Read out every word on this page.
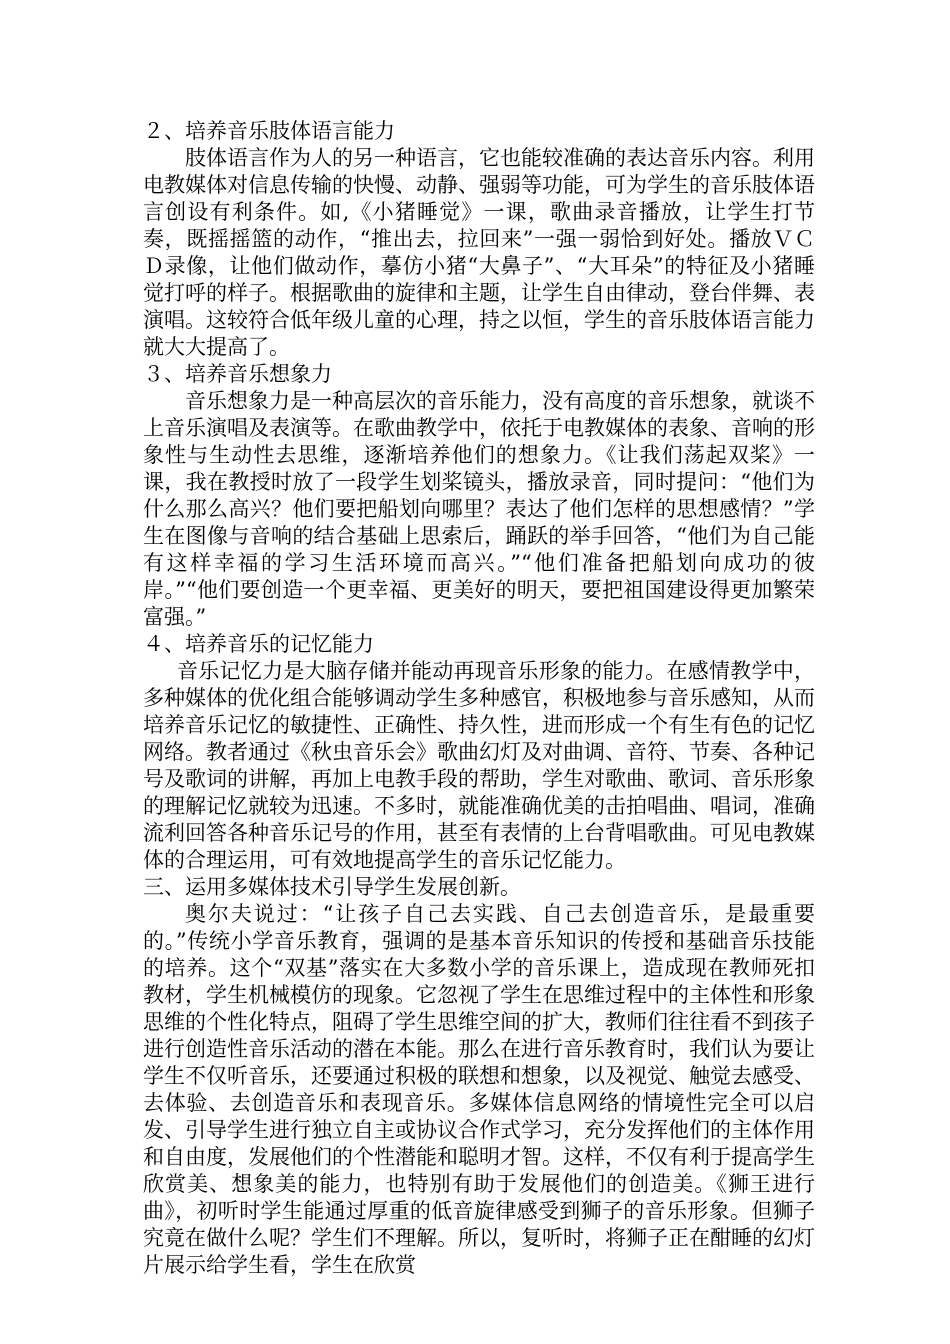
２、培养音乐肢体语言能力

肢体语言作为人的另一种语言，它也能较准确的表达音乐内容。利用电教媒体对信息传输的快慢、动静、强弱等功能，可为学生的音乐肢体语言创设有利条件。如,《小猪睡觉》一课，歌曲录音播放，让学生打节奏，既摇摇篮的动作，“推出去，拉回来”一强一弱恰到好处。播放ＶＣＤ录像，让他们做动作，摹仿小猪“大鼻子”、“大耳朵”的特征及小猪睡觉打呼的样子。根据歌曲的旋律和主题，让学生自由律动，登台伴舞、表演唱。这较符合低年级儿童的心理，持之以恒，学生的音乐肢体语言能力就大大提高了。

３、培养音乐想象力

音乐想象力是一种高层次的音乐能力，没有高度的音乐想象，就谈不上音乐演唱及表演等。在歌曲教学中，依托于电教媒体的表象、音响的形象性与生动性去思维，逐渐培养他们的想象力。《让我们荡起双桨》一课，我在教授时放了一段学生划桨镜头，播放录音，同时提问：“他们为什么那么高兴？他们要把船划向哪里？表达了他们怎样的思想感情？”学生在图像与音响的结合基础上思索后，踊跃的举手回答，“他们为自己能有这样幸福的学习生活环境而高兴。”“他们准备把船划向成功的彼岸。”“他们要创造一个更幸福、更美好的明天，要把祖国建设得更加繁荣富强。”

４、培养音乐的记忆能力

音乐记忆力是大脑存储并能动再现音乐形象的能力。在感情教学中，多种媒体的优化组合能够调动学生多种感官，积极地参与音乐感知，从而培养音乐记忆的敏捷性、正确性、持久性，进而形成一个有生有色的记忆网络。教者通过《秋虫音乐会》歌曲幻灯及对曲调、音符、节奏、各种记号及歌词的讲解，再加上电教手段的帮助，学生对歌曲、歌词、音乐形象的理解记忆就较为迅速。不多时，就能准确优美的击拍唱曲、唱词，准确流利回答各种音乐记号的作用，甚至有表情的上台背唱歌曲。可见电教媒体的合理运用，可有效地提高学生的音乐记忆能力。

三、运用多媒体技术引导学生发展创新。

奥尔夫说过：“让孩子自己去实践、自己去创造音乐，是最重要的。”传统小学音乐教育，强调的是基本音乐知识的传授和基础音乐技能的培养。这个“双基”落实在大多数小学的音乐课上，造成现在教师死扣教材，学生机械模仿的现象。它忽视了学生在思维过程中的主体性和形象思维的个性化特点，阻碍了学生思维空间的扩大，教师们往往看不到孩子进行创造性音乐活动的潜在本能。那么在进行音乐教育时，我们认为要让学生不仅听音乐，还要通过积极的联想和想象，以及视觉、触觉去感受、去体验、去创造音乐和表现音乐。多媒体信息网络的情境性完全可以启发、引导学生进行独立自主或协议合作式学习，充分发挥他们的主体作用和自由度，发展他们的个性潜能和聪明才智。这样，不仅有利于提高学生欣赏美、想象美的能力，也特别有助于发展他们的创造美。《狮王进行曲》，初听时学生能通过厚重的低音旋律感受到狮子的音乐形象。但狮子究竟在做什么呢？学生们不理解。所以，复听时，将狮子正在酣睡的幻灯片展示给学生看，学生在欣赏
